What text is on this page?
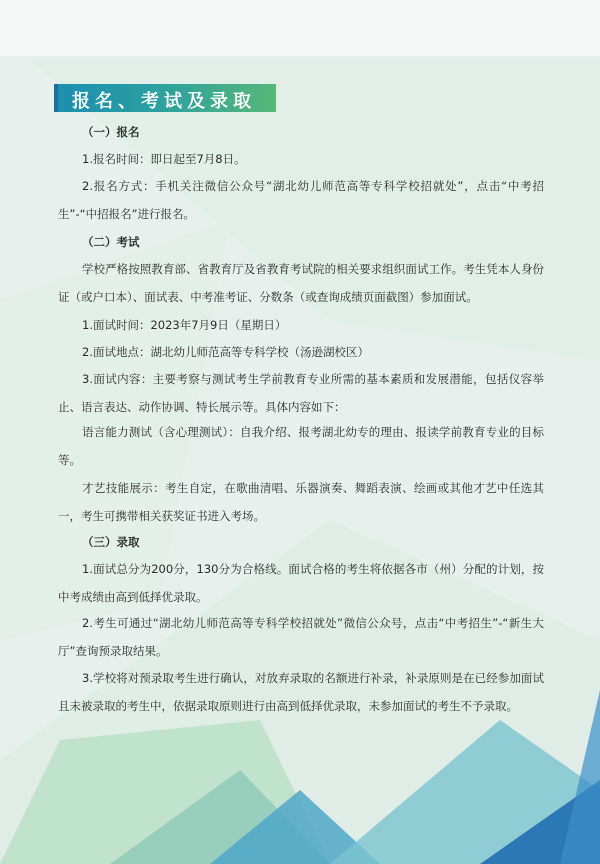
报名、考试及录取

（一）报名

1.报名时间：即日起至7月8日。

2.报名方式：手机关注微信公众号“湖北幼儿师范高等专科学校招就处”，点击“中考招生”-“中招报名”进行报名。

（二）考试

学校严格按照教育部、省教育厅及省教育考试院的相关要求组织面试工作。考生凭本人身份证（或户口本）、面试表、中考准考证、分数条（或查询成绩页面截图）参加面试。

1.面试时间：2023年7月9日（星期日）

2.面试地点：湖北幼儿师范高等专科学校（汤逊湖校区）

3.面试内容：主要考察与测试考生学前教育专业所需的基本素质和发展潜能，包括仪容举止、语言表达、动作协调、特长展示等。具体内容如下：

语言能力测试（含心理测试）：自我介绍、报考湖北幼专的理由、报读学前教育专业的目标等。

才艺技能展示：考生自定，在歌曲清唱、乐器演奏、舞蹈表演、绘画或其他才艺中任选其一，考生可携带相关获奖证书进入考场。

（三）录取

1.面试总分为200分，130分为合格线。面试合格的考生将依据各市（州）分配的计划，按中考成绩由高到低择优录取。

2.考生可通过“湖北幼儿师范高等专科学校招就处”微信公众号，点击“中考招生”-“新生大厅”查询预录取结果。

3.学校将对预录取考生进行确认，对放弃录取的名额进行补录，补录原则是在已经参加面试且未被录取的考生中，依据录取原则进行由高到低择优录取，未参加面试的考生不予录取。
